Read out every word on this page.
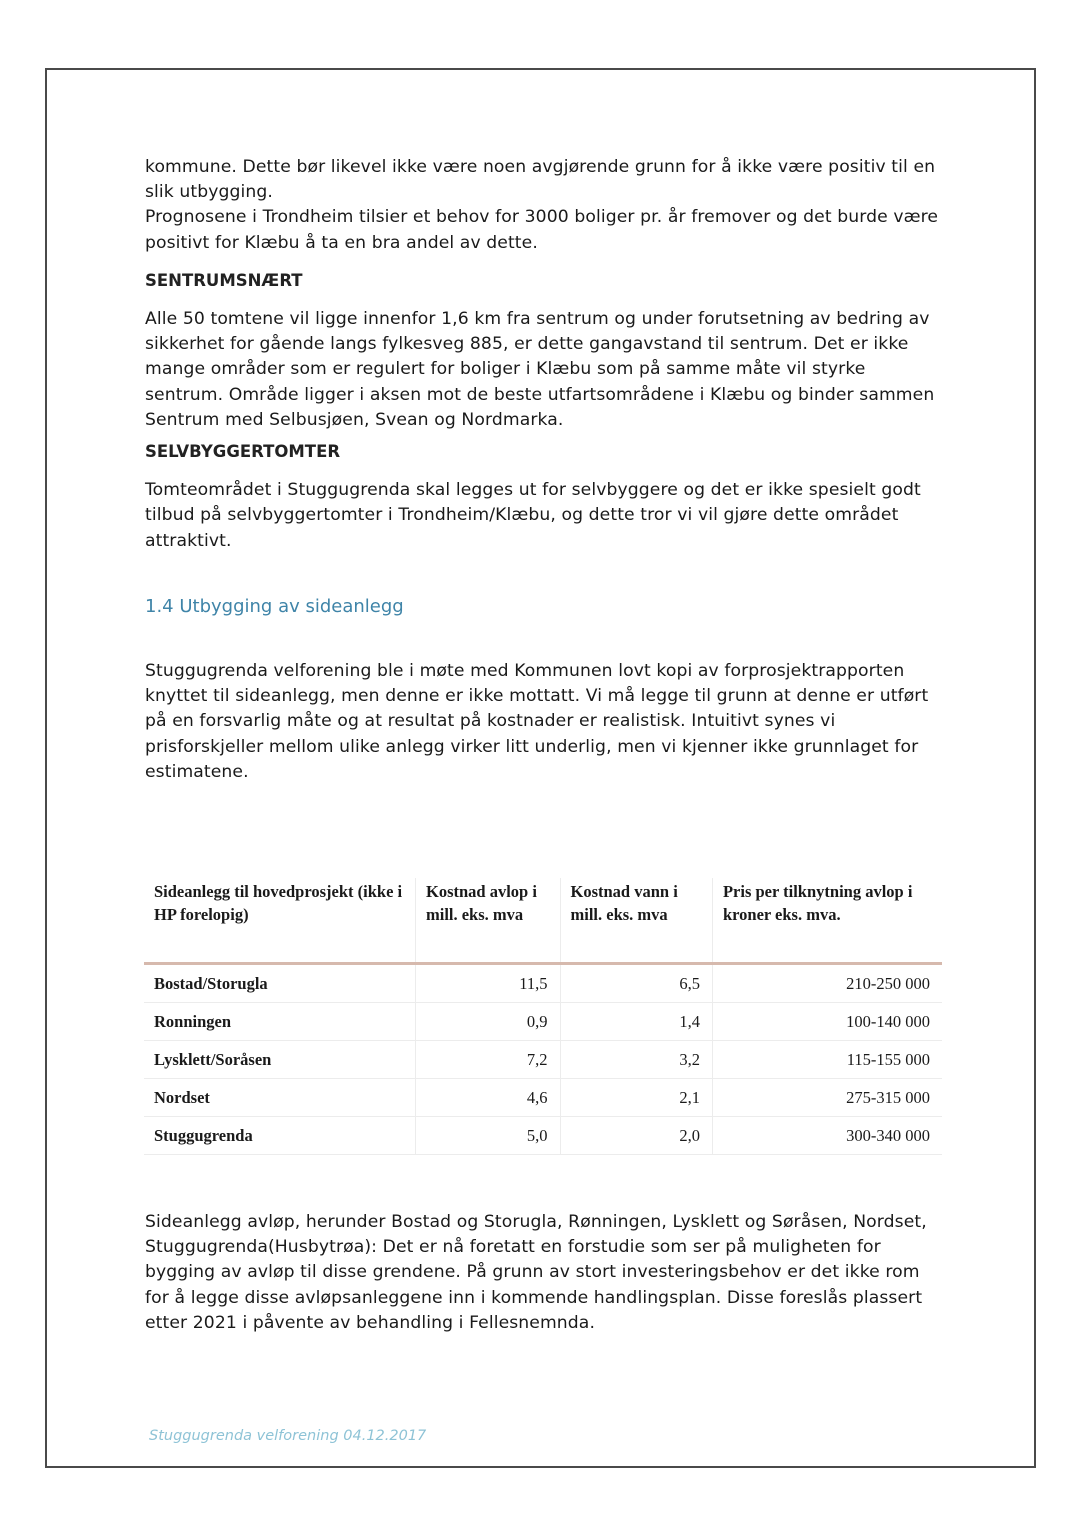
kommune. Dette bør likevel ikke være noen avgjørende grunn for å ikke være positiv til en slik utbygging.

Prognosene i Trondheim tilsier et behov for 3000 boliger pr. år fremover og det burde være positivt for Klæbu å ta en bra andel av dette.

SENTRUMSNÆRT

Alle 50 tomtene vil ligge innenfor 1,6 km fra sentrum og under forutsetning av bedring av sikkerhet for gående langs fylkesveg 885, er dette gangavstand til sentrum. Det er ikke mange områder som er regulert for boliger i Klæbu som på samme måte vil styrke sentrum. Område ligger i aksen mot de beste utfartsområdene i Klæbu og binder sammen Sentrum med Selbusjøen, Svean og Nordmarka.

SELVBYGGERTOMTER

Tomteområdet i Stuggugrenda skal legges ut for selvbyggere og det er ikke spesielt godt tilbud på selvbyggertomter i Trondheim/Klæbu, og dette tror vi vil gjøre dette området attraktivt.

1.4 Utbygging av sideanlegg

Stuggugrenda velforening ble i møte med Kommunen lovt kopi av forprosjektrapporten knyttet til sideanlegg, men denne er ikke mottatt. Vi må legge til grunn at denne er utført på en forsvarlig måte og at resultat på kostnader er realistisk. Intuitivt synes vi prisforskjeller mellom ulike anlegg virker litt underlig, men vi kjenner ikke grunnlaget for estimatene.

Sideanlegg til hovedprosjekt (ikke i HP forelopig)	Kostnad avlop i mill. eks. mva	Kostnad vann i mill. eks. mva	Pris per tilknytning avlop i kroner eks. mva.
Bostad/Storugla	11,5	6,5	210-250 000
Ronningen	0,9	1,4	100-140 000
Lysklett/Soråsen	7,2	3,2	115-155 000
Nordset	4,6	2,1	275-315 000
Stuggugrenda	5,0	2,0	300-340 000

Sideanlegg avløp, herunder Bostad og Storugla, Rønningen, Lysklett og Søråsen, Nordset, Stuggugrenda(Husbytrøa): Det er nå foretatt en forstudie som ser på muligheten for bygging av avløp til disse grendene. På grunn av stort investeringsbehov er det ikke rom for å legge disse avløpsanleggene inn i kommende handlingsplan. Disse foreslås plassert etter 2021 i påvente av behandling i Fellesnemnda.

Stuggugrenda velforening 04.12.2017
